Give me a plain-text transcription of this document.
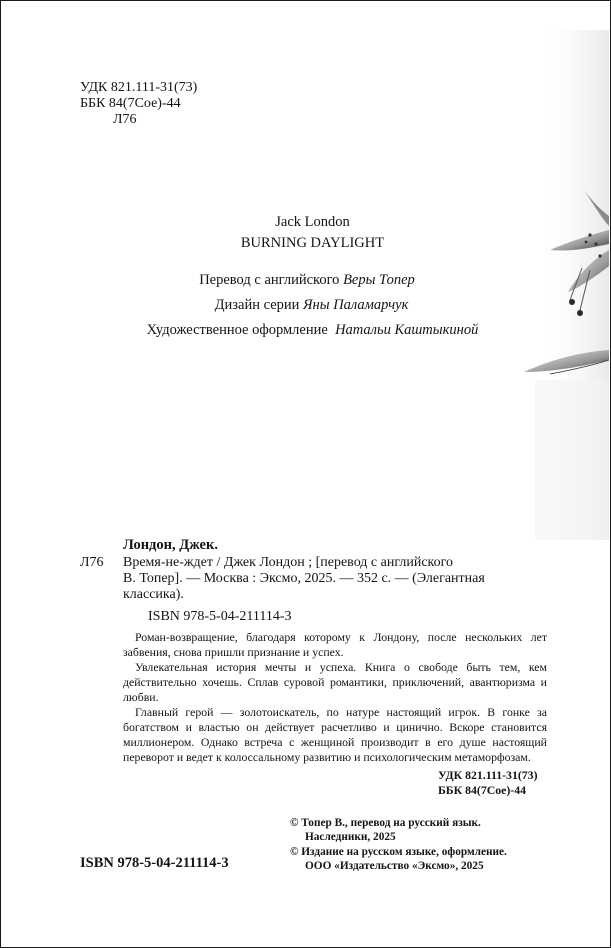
УДК 821.111-31(73)
ББК 84(7Сое)-44
Л76
Jack London
BURNING DAYLIGHT
Перевод с английского Веры Топер
Дизайн серии Яны Паламарчук
Художественное оформление Натальи Каштыкиной
Лондон, Джек.
Л76 Время-не-ждет / Джек Лондон ; [перевод с английского
В. Топер]. — Москва : Эксмо, 2025. — 352 с. — (Элегантная
классика).
ISBN 978-5-04-211114-3
Роман-возвращение, благодаря которому к Лондону, после нескольких лет забвения, снова пришли признание и успех.
Увлекательная история мечты и успеха. Книга о свободе быть тем, кем действительно хочешь. Сплав суровой романтики, приключений, авантюризма и любви.
Главный герой — золотоискатель, по натуре настоящий игрок. В гонке за богатством и властью он действует расчетливо и цинично. Вскоре становится миллионером. Однако встреча с женщиной производит в его душе настоящий переворот и ведет к колоссальному развитию и психологическим метаморфозам.
УДК 821.111-31(73)
ББК 84(7Сое)-44
© Топер В., перевод на русский язык.
Наследники, 2025
© Издание на русском языке, оформление.
ООО «Издательство «Эксмо», 2025
ISBN 978-5-04-211114-3
